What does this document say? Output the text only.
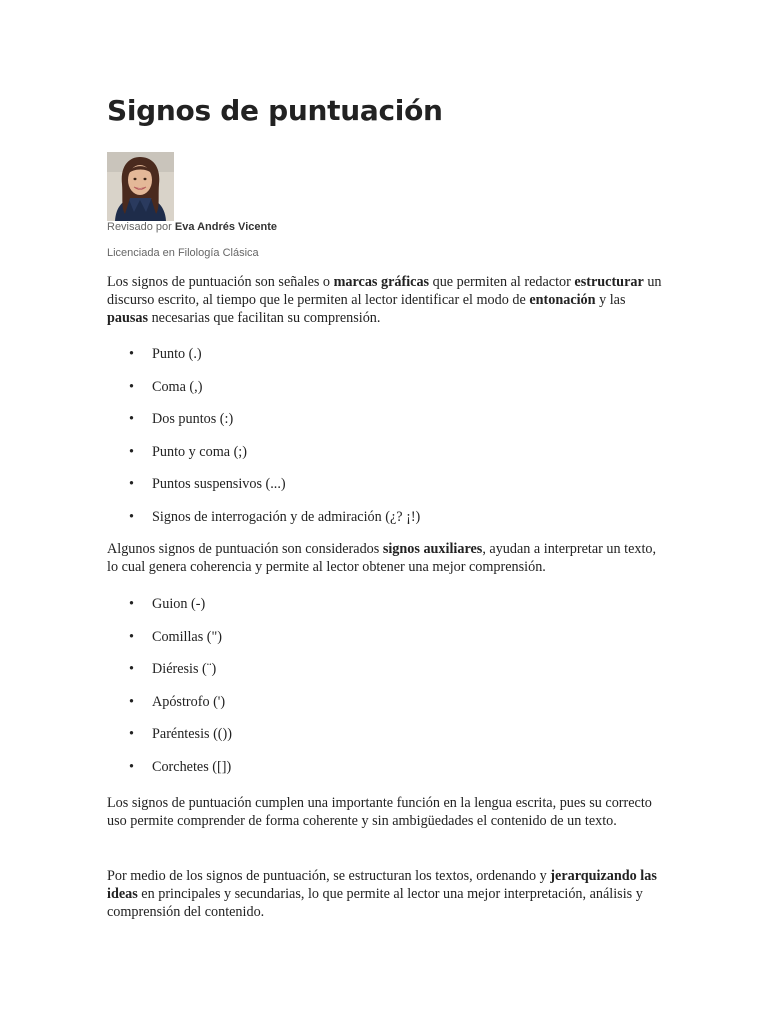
Signos de puntuación
Revisado por Eva Andrés Vicente
Licenciada en Filología Clásica

Los signos de puntuación son señales o marcas gráficas que permiten al redactor estructurar un discurso escrito, al tiempo que le permiten al lector identificar el modo de entonación y las pausas necesarias que facilitan su comprensión.

• Punto (.)
• Coma (,)
• Dos puntos (:)
• Punto y coma (;)
• Puntos suspensivos (...)
• Signos de interrogación y de admiración (¿? ¡!)

Algunos signos de puntuación son considerados signos auxiliares, ayudan a interpretar un texto, lo cual genera coherencia y permite al lector obtener una mejor comprensión.

• Guion (-)
• Comillas (")
• Diéresis (¨)
• Apóstrofo (')
• Paréntesis (())
• Corchetes ([])

Los signos de puntuación cumplen una importante función en la lengua escrita, pues su correcto uso permite comprender de forma coherente y sin ambigüedades el contenido de un texto.

Por medio de los signos de puntuación, se estructuran los textos, ordenando y jerarquizando las ideas en principales y secundarias, lo que permite al lector una mejor interpretación, análisis y comprensión del contenido.
